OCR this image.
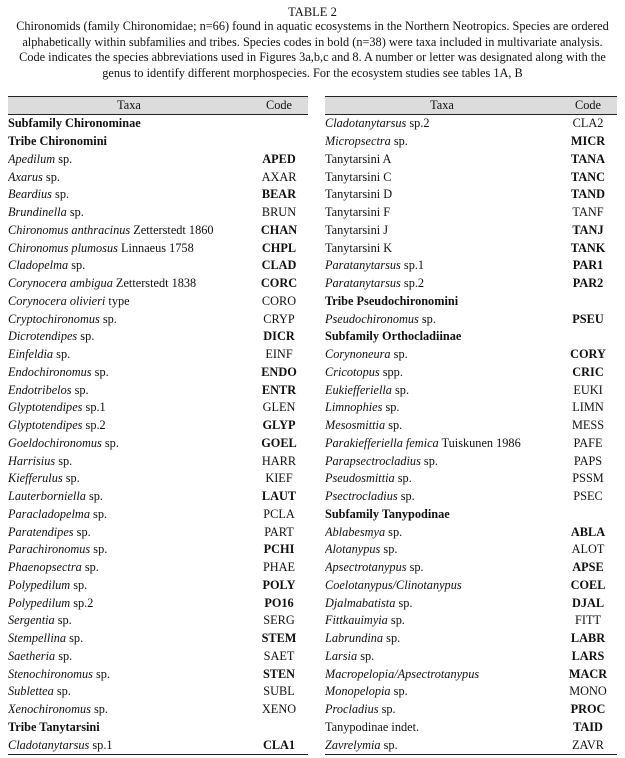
TABLE 2
Chironomids (family Chironomidae; n=66) found in aquatic ecosystems in the Northern Neotropics. Species are ordered alphabetically within subfamilies and tribes. Species codes in bold (n=38) were taxa included in multivariate analysis. Code indicates the species abbreviations used in Figures 3a,b,c and 8. A number or letter was designated along with the genus to identify different morphospecies. For the ecosystem studies see tables 1A, B
Taxa	Code
Subfamily Chironominae	
Tribe Chironomini	
Apedilum sp.	APED
Axarus sp.	AXAR
Beardius sp.	BEAR
Brundinella sp.	BRUN
Chironomus anthracinus Zetterstedt 1860	CHAN
Chironomus plumosus Linnaeus 1758	CHPL
Cladopelma sp.	CLAD
Corynocera ambigua Zetterstedt 1838	CORC
Corynocera olivieri type	CORO
Cryptochironomus sp.	CRYP
Dicrotendipes sp.	DICR
Einfeldia sp.	EINF
Endochironomus sp.	ENDO
Endotribelos sp.	ENTR
Glyptotendipes sp.1	GLEN
Glyptotendipes sp.2	GLYP
Goeldochironomus sp.	GOEL
Harrisius sp.	HARR
Kiefferulus sp.	KIEF
Lauterborniella sp.	LAUT
Paracladopelma sp.	PCLA
Paratendipes sp.	PART
Parachironomus sp.	PCHI
Phaenopsectra sp.	PHAE
Polypedilum sp.	POLY
Polypedilum sp.2	PO16
Sergentia sp.	SERG
Stempellina sp.	STEM
Saetheria sp.	SAET
Stenochironomus sp.	STEN
Sublettea sp.	SUBL
Xenochironomus sp.	XENO
Tribe Tanytarsini	
Cladotanytarsus sp.1	CLA1
Taxa	Code
Cladotanytarsus sp.2	CLA2
Micropsectra sp.	MICR
Tanytarsini A	TANA
Tanytarsini C	TANC
Tanytarsini D	TAND
Tanytarsini F	TANF
Tanytarsini J	TANJ
Tanytarsini K	TANK
Paratanytarsus sp.1	PAR1
Paratanytarsus sp.2	PAR2
Tribe Pseudochironomini	
Pseudochironomus sp.	PSEU
Subfamily Orthocladiinae	
Corynoneura sp.	CORY
Cricotopus spp.	CRIC
Eukiefferiella sp.	EUKI
Limnophies sp.	LIMN
Mesosmittia sp.	MESS
Parakiefferiella femica Tuiskunen 1986	PAFE
Parapsectrocladius sp.	PAPS
Pseudosmittia sp.	PSSM
Psectrocladius sp.	PSEC
Subfamily Tanypodinae	
Ablabesmya sp.	ABLA
Alotanypus sp.	ALOT
Apsectrotanypus sp.	APSE
Coelotanypus/Clinotanypus	COEL
Djalmabatista sp.	DJAL
Fittkauimyia sp.	FITT
Labrundina sp.	LABR
Larsia sp.	LARS
Macropelopia/Apsectrotanypus	MACR
Monopelopia sp.	MONO
Procladius sp.	PROC
Tanypodinae indet.	TAID
Zavrelymia sp.	ZAVR
